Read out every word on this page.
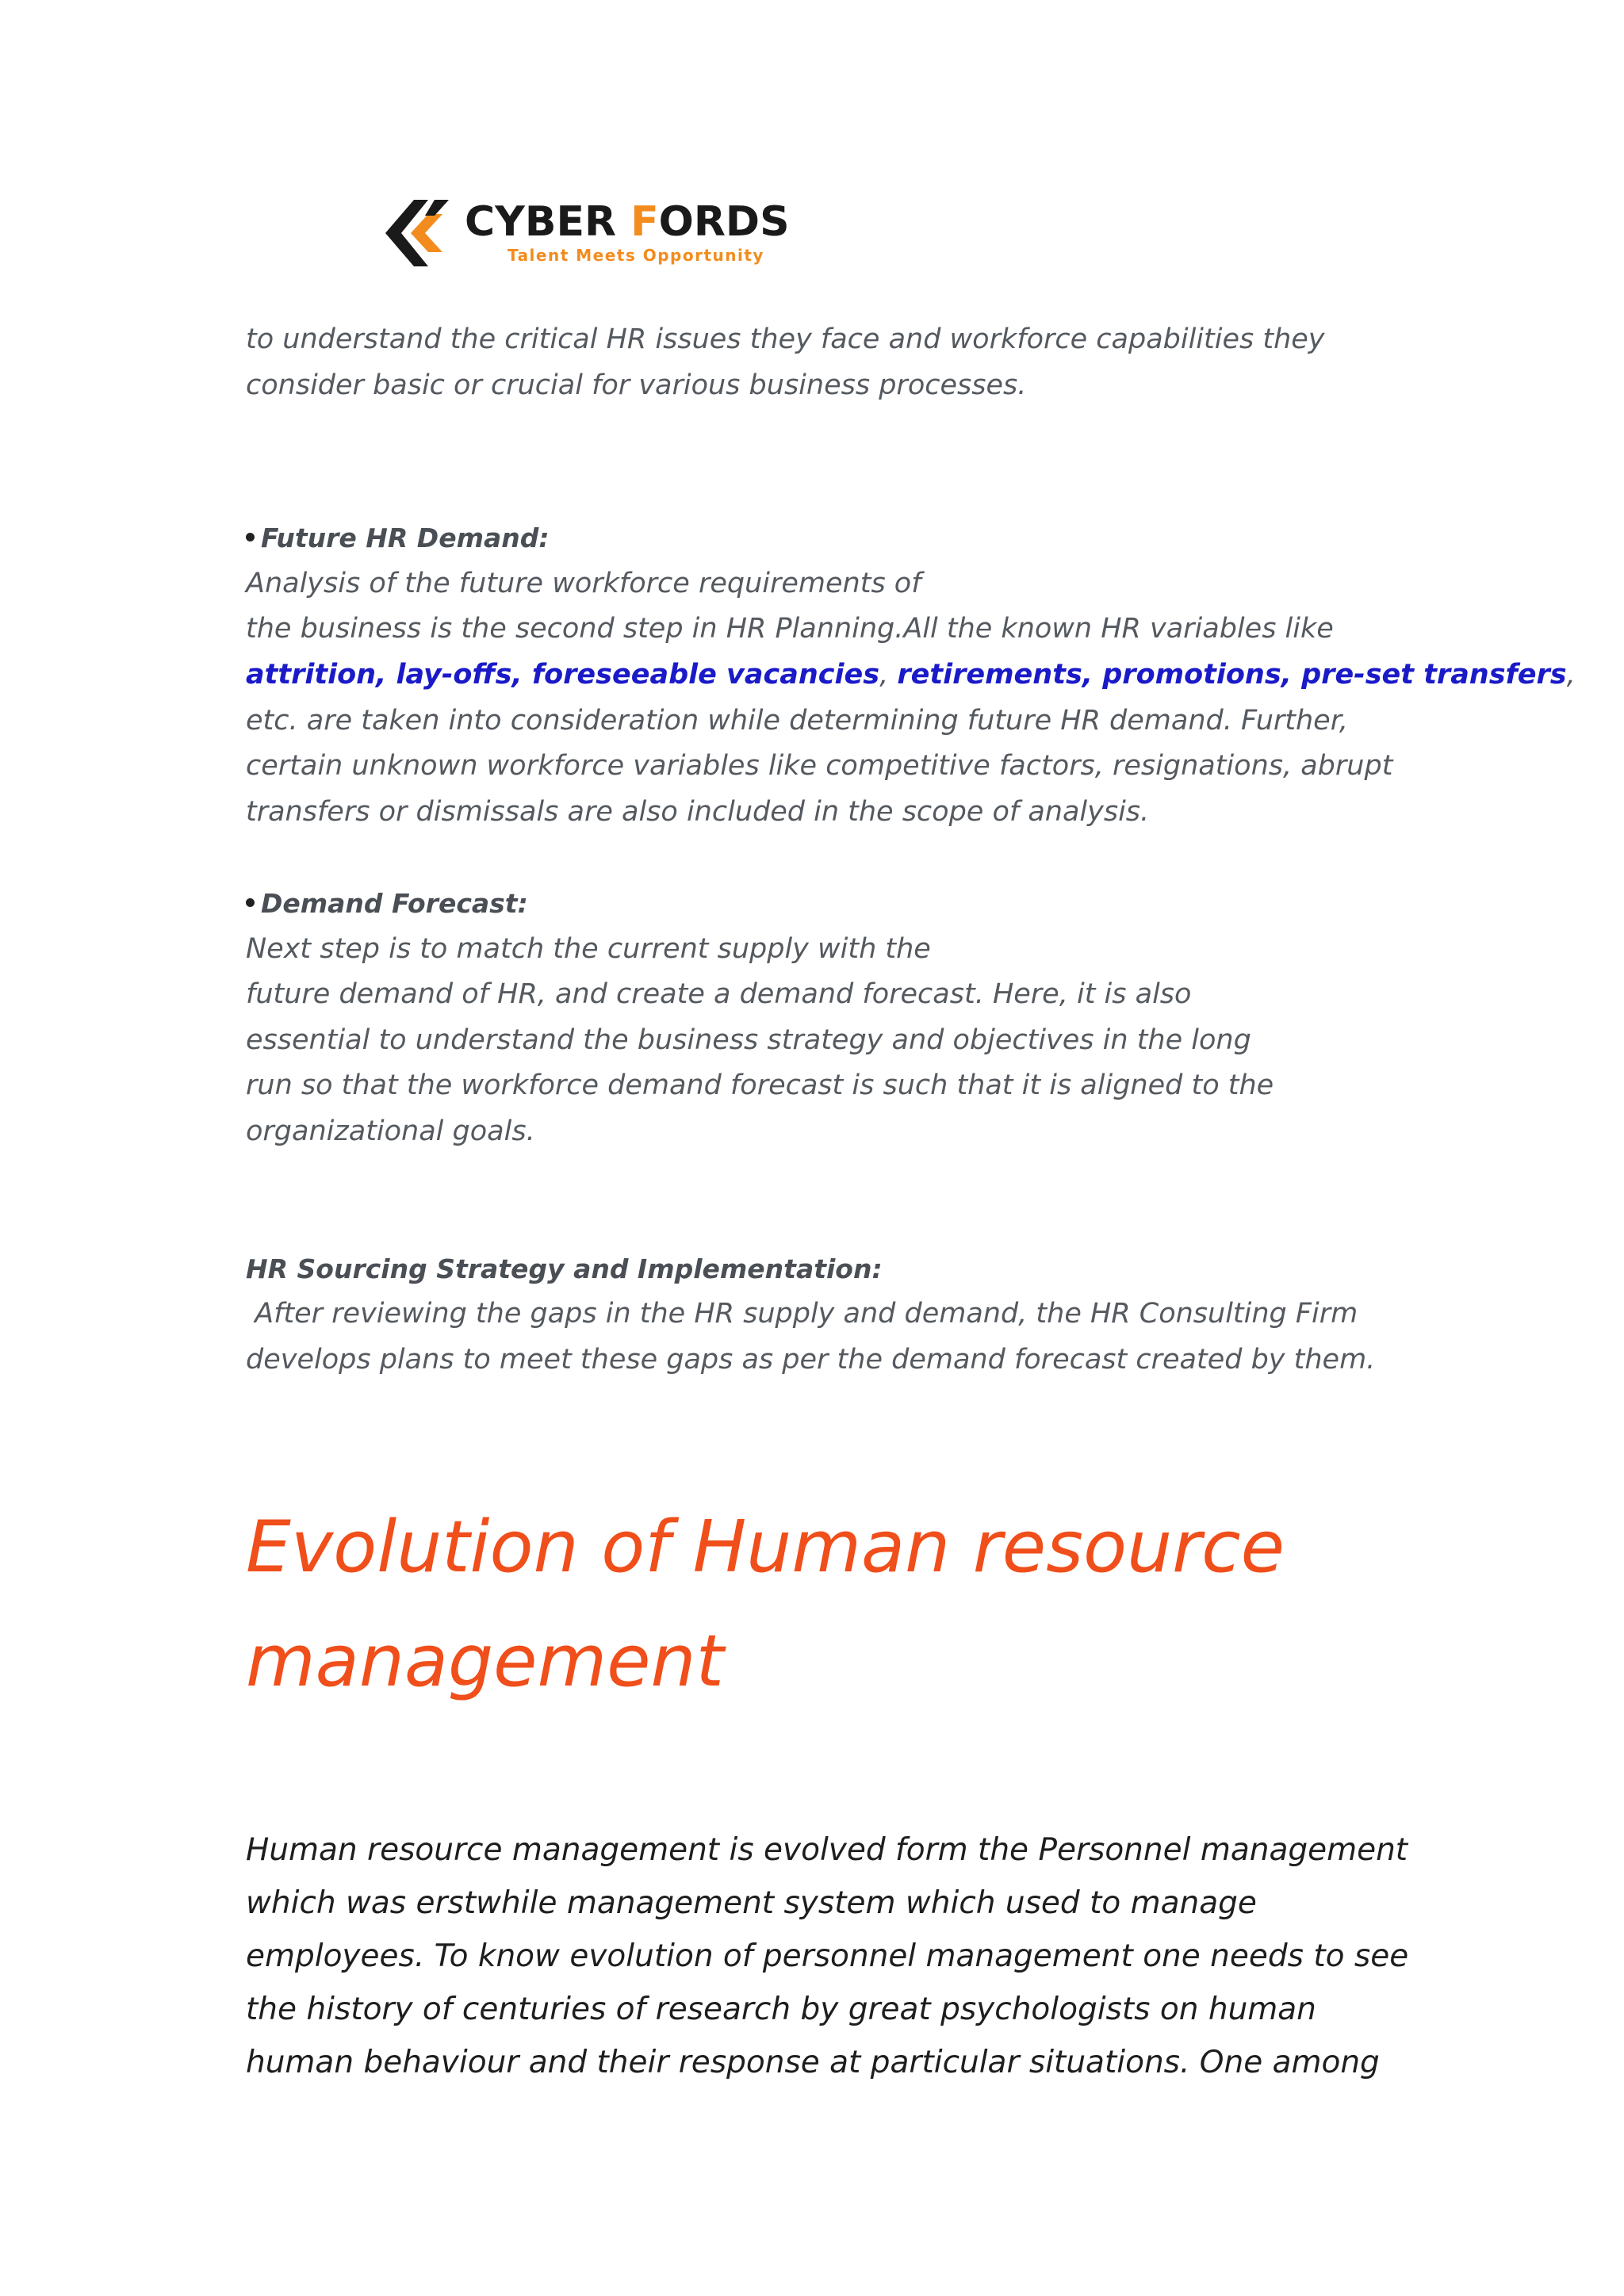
CYBER FORDS
Talent Meets Opportunity

to understand the critical HR issues they face and workforce capabilities they

consider basic or crucial for various business processes.

Future HR Demand:

Analysis of the future workforce requirements of

the business is the second step in HR Planning.All the known HR variables like

attrition, lay-offs, foreseeable vacancies, retirements, promotions, pre-set transfers,

etc. are taken into consideration while determining future HR demand. Further,

certain unknown workforce variables like competitive factors, resignations, abrupt

transfers or dismissals are also included in the scope of analysis.

Demand Forecast:

Next step is to match the current supply with the

future demand of HR, and create a demand forecast. Here, it is also

essential to understand the business strategy and objectives in the long

run so that the workforce demand forecast is such that it is aligned to the

organizational goals.

HR Sourcing Strategy and Implementation:

After reviewing the gaps in the HR supply and demand, the HR Consulting Firm

develops plans to meet these gaps as per the demand forecast created by them.

Evolution of Human resource
management

Human resource management is evolved form the Personnel management

which was erstwhile management system which used to manage

employees. To know evolution of personnel management one needs to see

the history of centuries of research by great psychologists on human

human behaviour and their response at particular situations. One among
